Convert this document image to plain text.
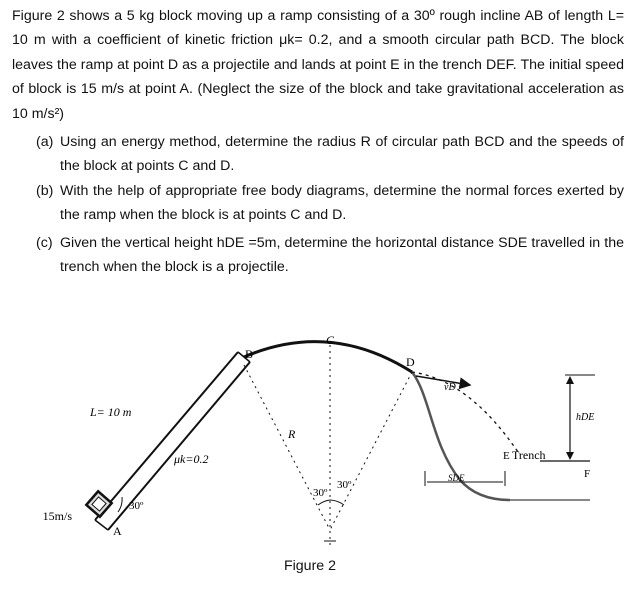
Figure 2 shows a 5 kg block moving up a ramp consisting of a 30º rough incline AB of length L= 10 m with a coefficient of kinetic friction μk= 0.2, and a smooth circular path BCD. The block leaves the ramp at point D as a projectile and lands at point E in the trench DEF. The initial speed of block is 15 m/s at point A. (Neglect the size of the block and take gravitational acceleration as 10 m/s²)

(a) Using an energy method, determine the radius R of circular path BCD and the speeds of the block at points C and D.
(b) With the help of appropriate free body diagrams, determine the normal forces exerted by the ramp when the block is at points C and D.
(c) Given the vertical height hDE =5m, determine the horizontal distance SDE travelled in the trench when the block is a projectile.
15m/s
A
30º
L= 10 m
μk=0.2
B
C
D
R
30º
30º
vD
SDE
E Trench
F
hDE
Figure 2
